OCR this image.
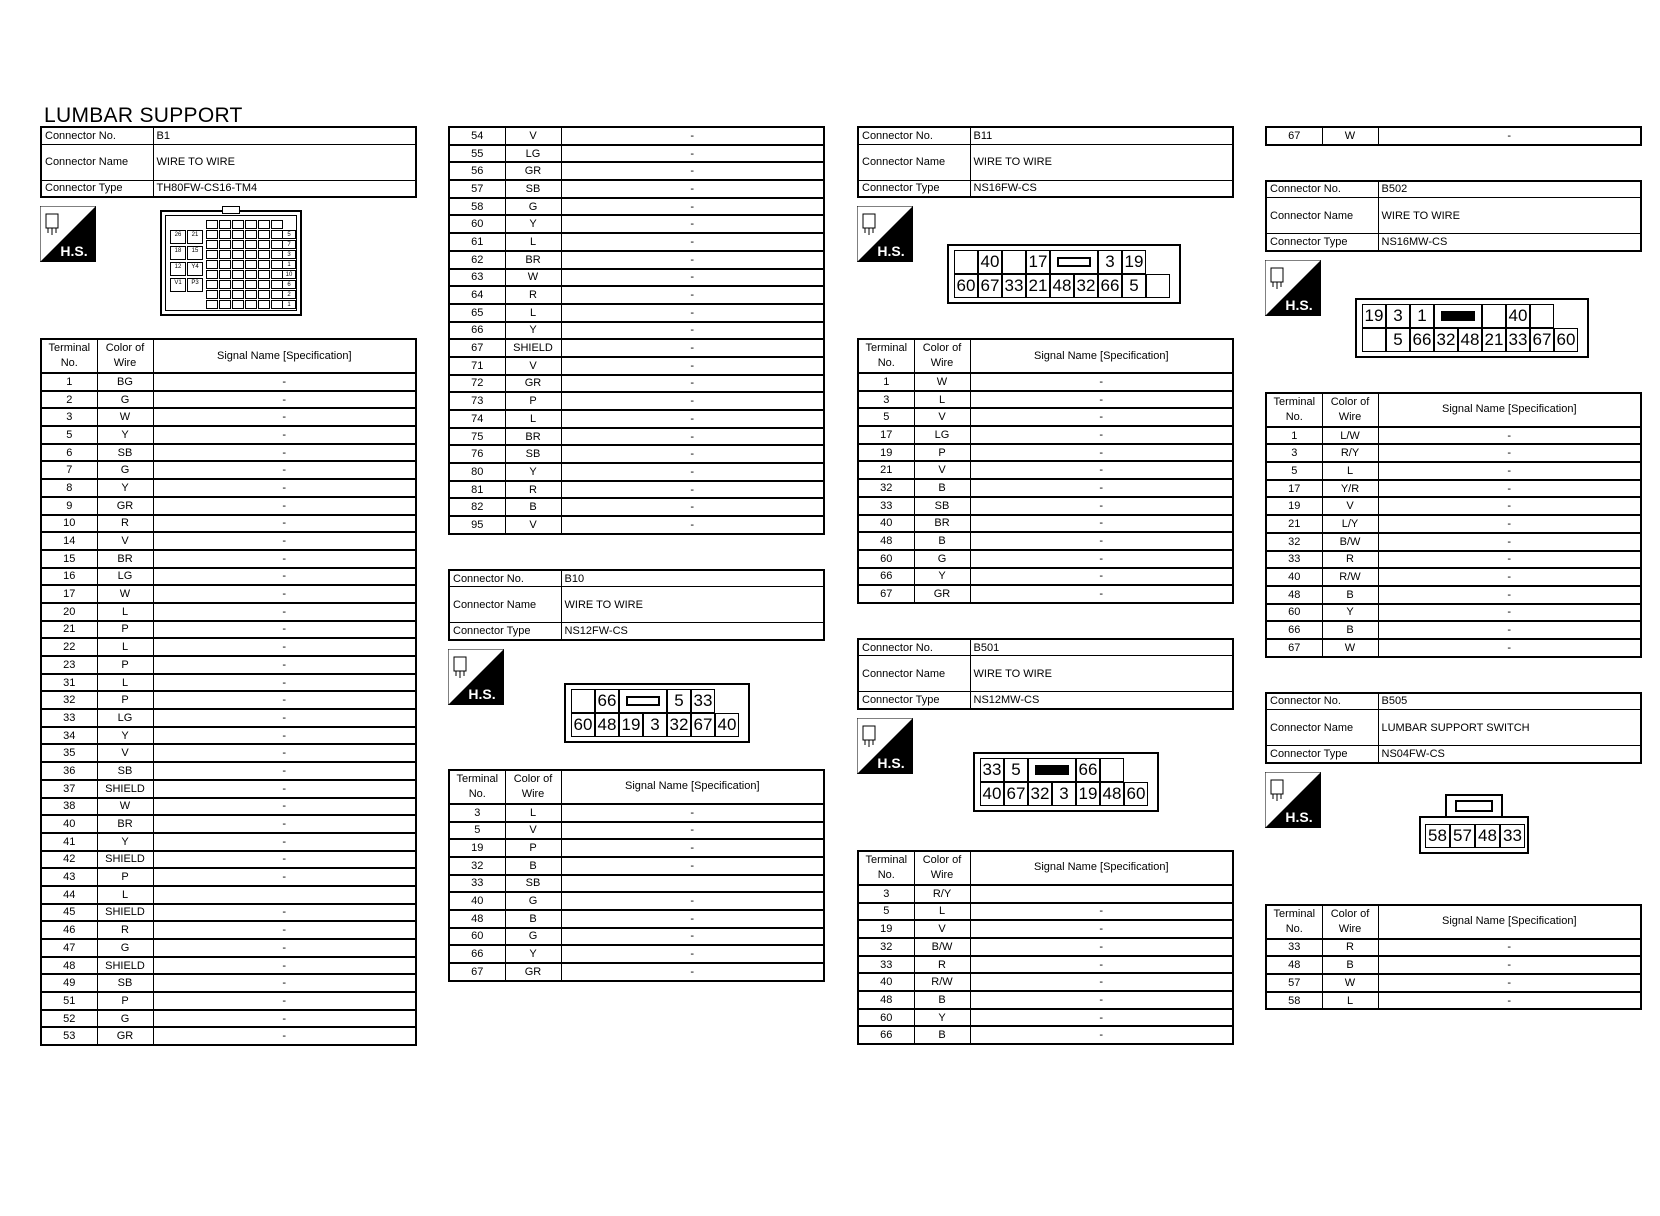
LUMBAR SUPPORT
Connector No.	B1
Connector Name	WIRE TO WIRE
Connector Type	TH80FW-CS16-TM4
H.S.
26	21
18	15
12	Y4
V1	P3
5
7
3
1
10
6
2
1
Terminal No.	Color of Wire	Signal Name [Specification]
1	BG	-
2	G	-
3	W	-
5	Y	-
6	SB	-
7	G	-
8	Y	-
9	GR	-
10	R	-
14	V	-
15	BR	-
16	LG	-
17	W	-
20	L	-
21	P	-
22	L	-
23	P	-
31	L	-
32	P	-
33	LG	-
34	Y	-
35	V	-
36	SB	-
37	SHIELD	-
38	W	-
40	BR	-
41	Y	-
42	SHIELD	-
43	P	-
44	L	
45	SHIELD	-
46	R	-
47	G	-
48	SHIELD	-
49	SB	-
51	P	-
52	G	-
53	GR	-
54	V	-
55	LG	-
56	GR	-
57	SB	-
58	G	-
60	Y	-
61	L	-
62	BR	-
63	W	-
64	R	-
65	L	-
66	Y	-
67	SHIELD	-
71	V	-
72	GR	-
73	P	-
74	L	-
75	BR	-
76	SB	-
80	Y	-
81	R	-
82	B	-
95	V	-
Connector No.	B10
Connector Name	WIRE TO WIRE
Connector Type	NS12FW-CS
H.S.	66	5 33
60 48 19 3 32 67 40
Terminal No.	Color of Wire	Signal Name [Specification]
3	L	-
5	V	-
19	P	-
32	B	-
33	SB	
40	G	-
48	B	-
60	G	-
66	Y	-
67	GR	-
Connector No.	B11
Connector Name	WIRE TO WIRE
Connector Type	NS16FW-CS
H.S.
40 17	3 19
60 67 33 21 48 32 66 5
Terminal No.	Color of Wire	Signal Name [Specification]
1	W	-
3	L	-
5	V	-
17	LG	-
19	P	-
21	V	-
32	B	-
33	SB	-
40	BR	-
48	B	-
60	G	-
66	Y	-
67	GR	-
Connector No.	B501
Connector Name	WIRE TO WIRE
Connector Type	NS12MW-CS
H.S.	33 5	66
40 67 32 3 19 48 60
Terminal No.	Color of Wire	Signal Name [Specification]
3	R/Y	
5	L	-
19	V	-
32	B/W	-
33	R	-
40	R/W	-
48	B	-
60	Y	-
66	B	-
67	W	-
Connector No.	B502
Connector Name	WIRE TO WIRE
Connector Type	NS16MW-CS
H.S.
19 3 1	40
5 66 32 48 21 33 67 60
Terminal No.	Color of Wire	Signal Name [Specification]
1	L/W	-
3	R/Y	-
5	L	-
17	Y/R	-
19	V	-
21	L/Y	-
32	B/W	-
33	R	-
40	R/W	-
48	B	-
60	Y	-
66	B	-
67	W	-
Connector No.	B505
Connector Name	LUMBAR SUPPORT SWITCH
Connector Type	NS04FW-CS
H.S.
58 57 48 33
Terminal No.	Color of Wire	Signal Name [Specification]
33	R	-
48	B	-
57	W	-
58	L	-
